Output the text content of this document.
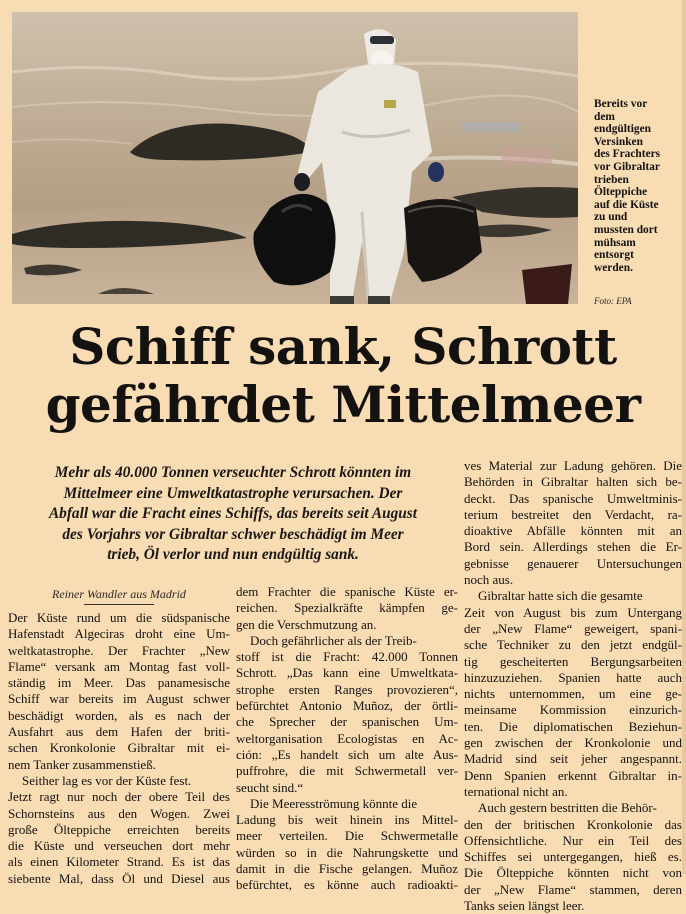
Bereits vor
dem
endgültigen
Versinken
des Frachters
vor Gibraltar
trieben
Ölteppiche
auf die Küste
zu und
mussten dort
mühsam
entsorgt
werden.
Foto: EPA
Schiff sank, Schrott
gefährdet Mittelmeer
Mehr als 40.000 Tonnen verseuchter Schrott könnten im
Mittelmeer eine Umweltkatastrophe verursachen. Der
Abfall war die Fracht eines Schiffs, das bereits seit August
des Vorjahrs vor Gibraltar schwer beschädigt im Meer
trieb, Öl verlor und nun endgültig sank.
Reiner Wandler aus Madrid
Der Küste rund um die südspanische
Hafenstadt Algeciras droht eine Um-
weltkatastrophe. Der Frachter „New
Flame“ versank am Montag fast voll-
ständig im Meer. Das panamesische
Schiff war bereits im August schwer
beschädigt worden, als es nach der
Ausfahrt aus dem Hafen der briti-
schen Kronkolonie Gibraltar mit ei-
nem Tanker zusammenstieß.
Seither lag es vor der Küste fest.
Jetzt ragt nur noch der obere Teil des
Schornsteins aus den Wogen. Zwei
große Ölteppiche erreichten bereits
die Küste und verseuchen dort mehr
als einen Kilometer Strand. Es ist das
siebente Mal, dass Öl und Diesel aus
dem Frachter die spanische Küste er-
reichen. Spezialkräfte kämpfen ge-
gen die Verschmutzung an.
Doch gefährlicher als der Treib-
stoff ist die Fracht: 42.000 Tonnen
Schrott. „Das kann eine Umweltkata-
strophe ersten Ranges provozieren“,
befürchtet Antonio Muñoz, der örtli-
che Sprecher der spanischen Um-
weltorganisation Ecologistas en Ac-
ción: „Es handelt sich um alte Aus-
puffrohre, die mit Schwermetall ver-
seucht sind.“
Die Meeresströmung könnte die
Ladung bis weit hinein ins Mittel-
meer verteilen. Die Schwermetalle
würden so in die Nahrungskette und
damit in die Fische gelangen. Muñoz
befürchtet, es könne auch radioakti-
ves Material zur Ladung gehören. Die
Behörden in Gibraltar halten sich be-
deckt. Das spanische Umweltminis-
terium bestreitet den Verdacht, ra-
dioaktive Abfälle könnten mit an
Bord sein. Allerdings stehen die Er-
gebnisse genauerer Untersuchungen
noch aus.
Gibraltar hatte sich die gesamte
Zeit von August bis zum Untergang
der „New Flame“ geweigert, spani-
sche Techniker zu den jetzt endgül-
tig gescheiterten Bergungsarbeiten
hinzuzuziehen. Spanien hatte auch
nichts unternommen, um eine ge-
meinsame Kommission einzurich-
ten. Die diplomatischen Beziehun-
gen zwischen der Kronkolonie und
Madrid sind seit jeher angespannt.
Denn Spanien erkennt Gibraltar in-
ternational nicht an.
Auch gestern bestritten die Behör-
den der britischen Kronkolonie das
Offensichtliche. Nur ein Teil des
Schiffes sei untergegangen, hieß es.
Die Ölteppiche könnten nicht von
der „New Flame“ stammen, deren
Tanks seien längst leer.
